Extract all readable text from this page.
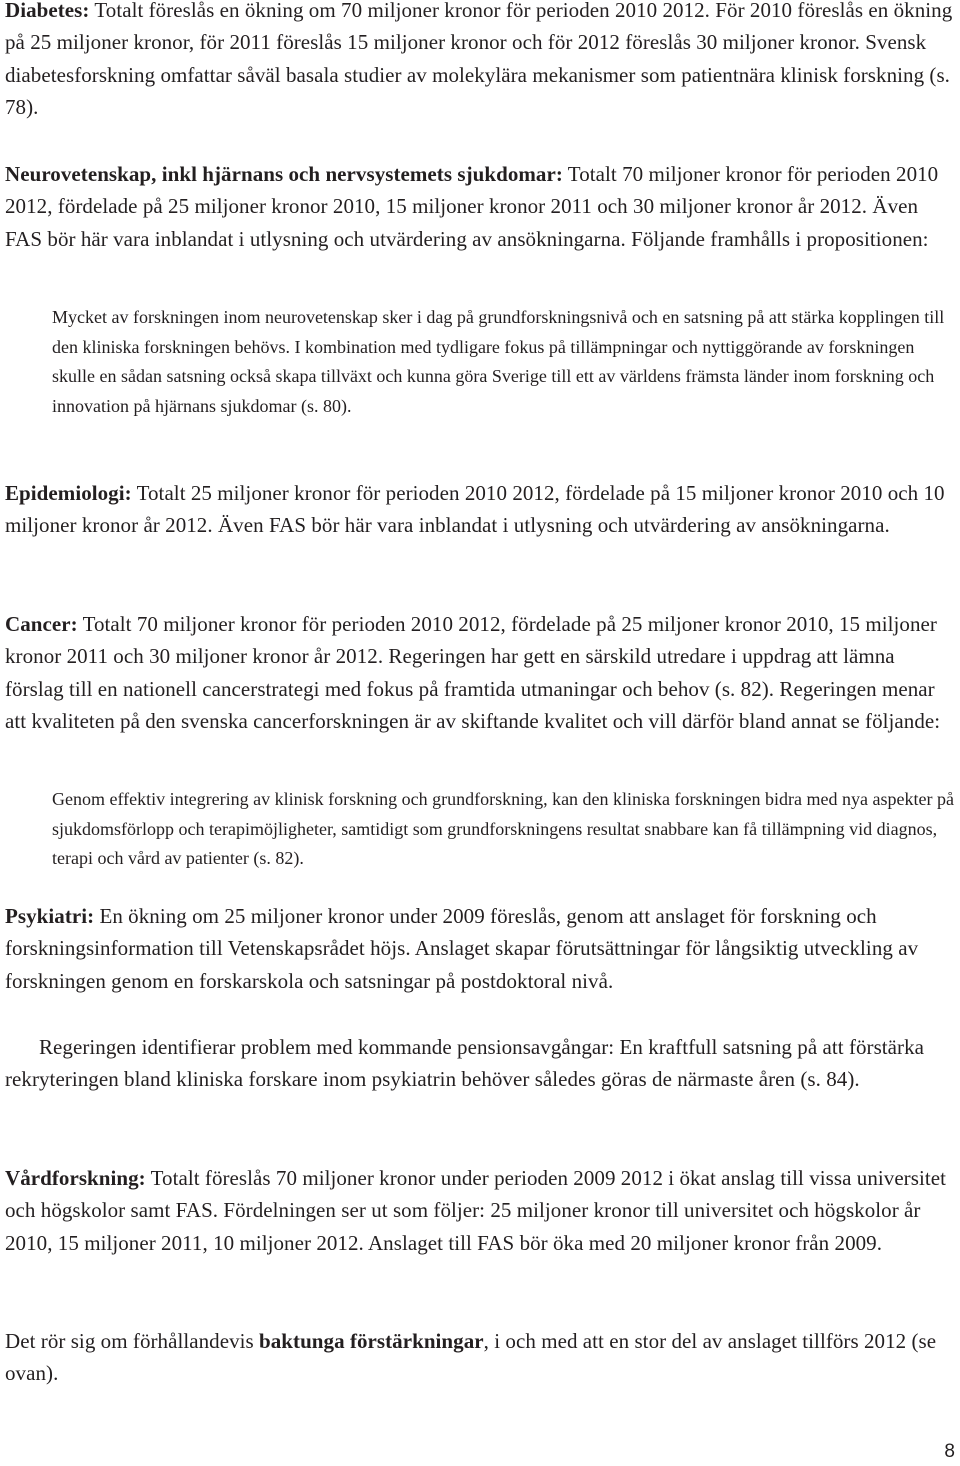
Diabetes: Totalt föreslås en ökning om 70 miljoner kronor för perioden 2010 2012. För 2010 föreslås en ökning på 25 miljoner kronor, för 2011 föreslås 15 miljoner kronor och för 2012 föreslås 30 miljoner kronor. Svensk diabetesforskning omfattar såväl basala studier av molekylära mekanismer som patientnära klinisk forskning (s. 78).

Neurovetenskap, inkl hjärnans och nervsystemets sjukdomar: Totalt 70 miljoner kronor för perioden 2010 2012, fördelade på 25 miljoner kronor 2010, 15 miljoner kronor 2011 och 30 miljoner kronor år 2012. Även FAS bör här vara inblandat i utlysning och utvärdering av ansökningarna. Följande framhålls i propositionen:

Mycket av forskningen inom neurovetenskap sker i dag på grundforskningsnivå och en satsning på att stärka kopplingen till den kliniska forskningen behövs. I kombination med tydligare fokus på tillämpningar och nyttiggörande av forskningen skulle en sådan satsning också skapa tillväxt och kunna göra Sverige till ett av världens främsta länder inom forskning och innovation på hjärnans sjukdomar (s. 80).

Epidemiologi: Totalt 25 miljoner kronor för perioden 2010 2012, fördelade på 15 miljoner kronor 2010 och 10 miljoner kronor år 2012. Även FAS bör här vara inblandat i utlysning och utvärdering av ansökningarna.

Cancer: Totalt 70 miljoner kronor för perioden 2010 2012, fördelade på 25 miljoner kronor 2010, 15 miljoner kronor 2011 och 30 miljoner kronor år 2012. Regeringen har gett en särskild utredare i uppdrag att lämna förslag till en nationell cancerstrategi med fokus på framtida utmaningar och behov (s. 82). Regeringen menar att kvaliteten på den svenska cancerforskningen är av skiftande kvalitet och vill därför bland annat se följande:

Genom effektiv integrering av klinisk forskning och grundforskning, kan den kliniska forskningen bidra med nya aspekter på sjukdomsförlopp och terapimöjligheter, samtidigt som grundforskningens resultat snabbare kan få tillämpning vid diagnos, terapi och vård av patienter (s. 82).

Psykiatri: En ökning om 25 miljoner kronor under 2009 föreslås, genom att anslaget för forskning och forskningsinformation till Vetenskapsrådet höjs. Anslaget skapar förutsättningar för långsiktig utveckling av forskningen genom en forskarskola och satsningar på postdoktoral nivå.

Regeringen identifierar problem med kommande pensionsavgångar: En kraftfull satsning på att förstärka rekryteringen bland kliniska forskare inom psykiatrin behöver således göras de närmaste åren (s. 84).

Vårdforskning: Totalt föreslås 70 miljoner kronor under perioden 2009 2012 i ökat anslag till vissa universitet och högskolor samt FAS. Fördelningen ser ut som följer: 25 miljoner kronor till universitet och högskolor år 2010, 15 miljoner 2011, 10 miljoner 2012. Anslaget till FAS bör öka med 20 miljoner kronor från 2009.

Det rör sig om förhållandevis baktunga förstärkningar, i och med att en stor del av anslaget tillförs 2012 (se ovan).

8
